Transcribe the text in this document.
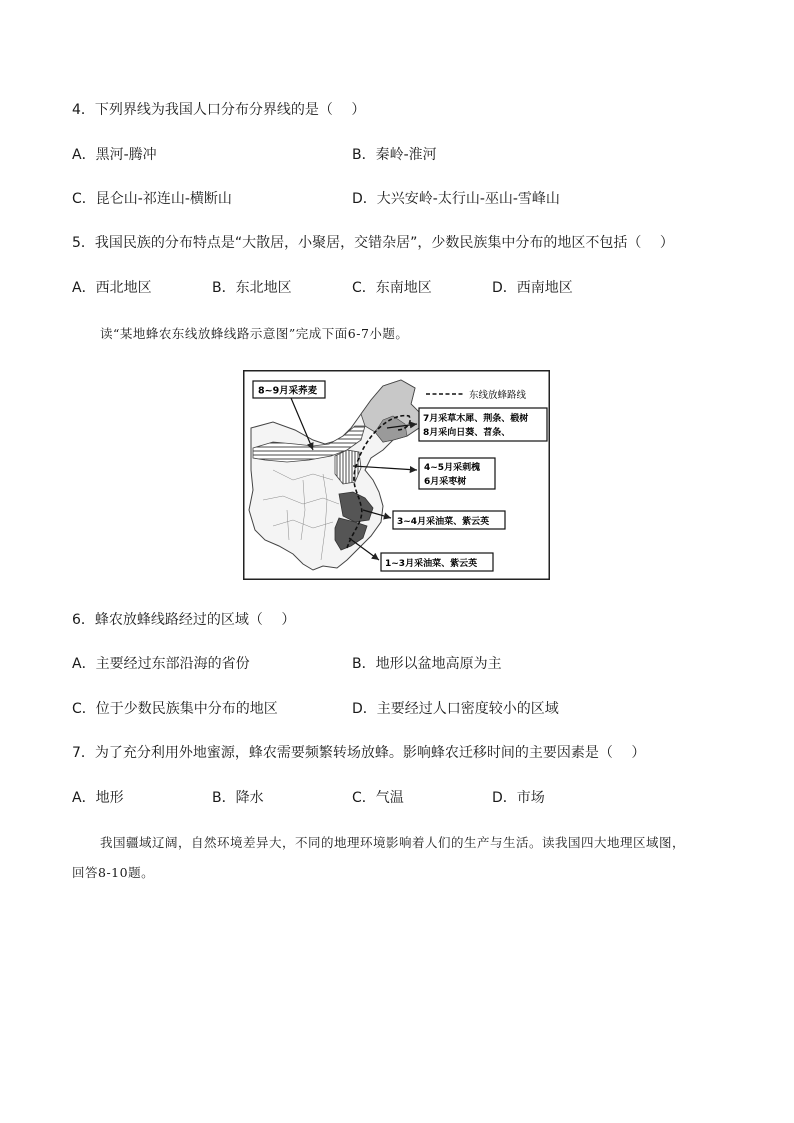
4．下列界线为我国人口分布分界线的是（　 ）
A．黑河-腾冲	B．秦岭-淮河
C．昆仑山-祁连山-横断山	D．大兴安岭-太行山-巫山-雪峰山
5．我国民族的分布特点是“大散居，小聚居，交错杂居”，少数民族集中分布的地区不包括（　 ）
A．西北地区	B．东北地区	C．东南地区	D．西南地区
读“某地蜂农东线放蜂线路示意图”完成下面6-7小题。
东线放蜂路线
8~9月采荞麦
7月采草木犀、荆条、椴树
8月采向日葵、苕条、
4~5月采刺槐
6月采枣树
3~4月采油菜、紫云英
1~3月采油菜、紫云英
6．蜂农放蜂线路经过的区域（　 ）
A．主要经过东部沿海的省份	B．地形以盆地高原为主
C．位于少数民族集中分布的地区	D．主要经过人口密度较小的区域
7．为了充分利用外地蜜源，蜂农需要频繁转场放蜂。影响蜂农迁移时间的主要因素是（　 ）
A．地形	B．降水	C．气温	D．市场
我国疆域辽阔，自然环境差异大，不同的地理环境影响着人们的生产与生活。读我国四大地理区域图，
回答8-10题。
